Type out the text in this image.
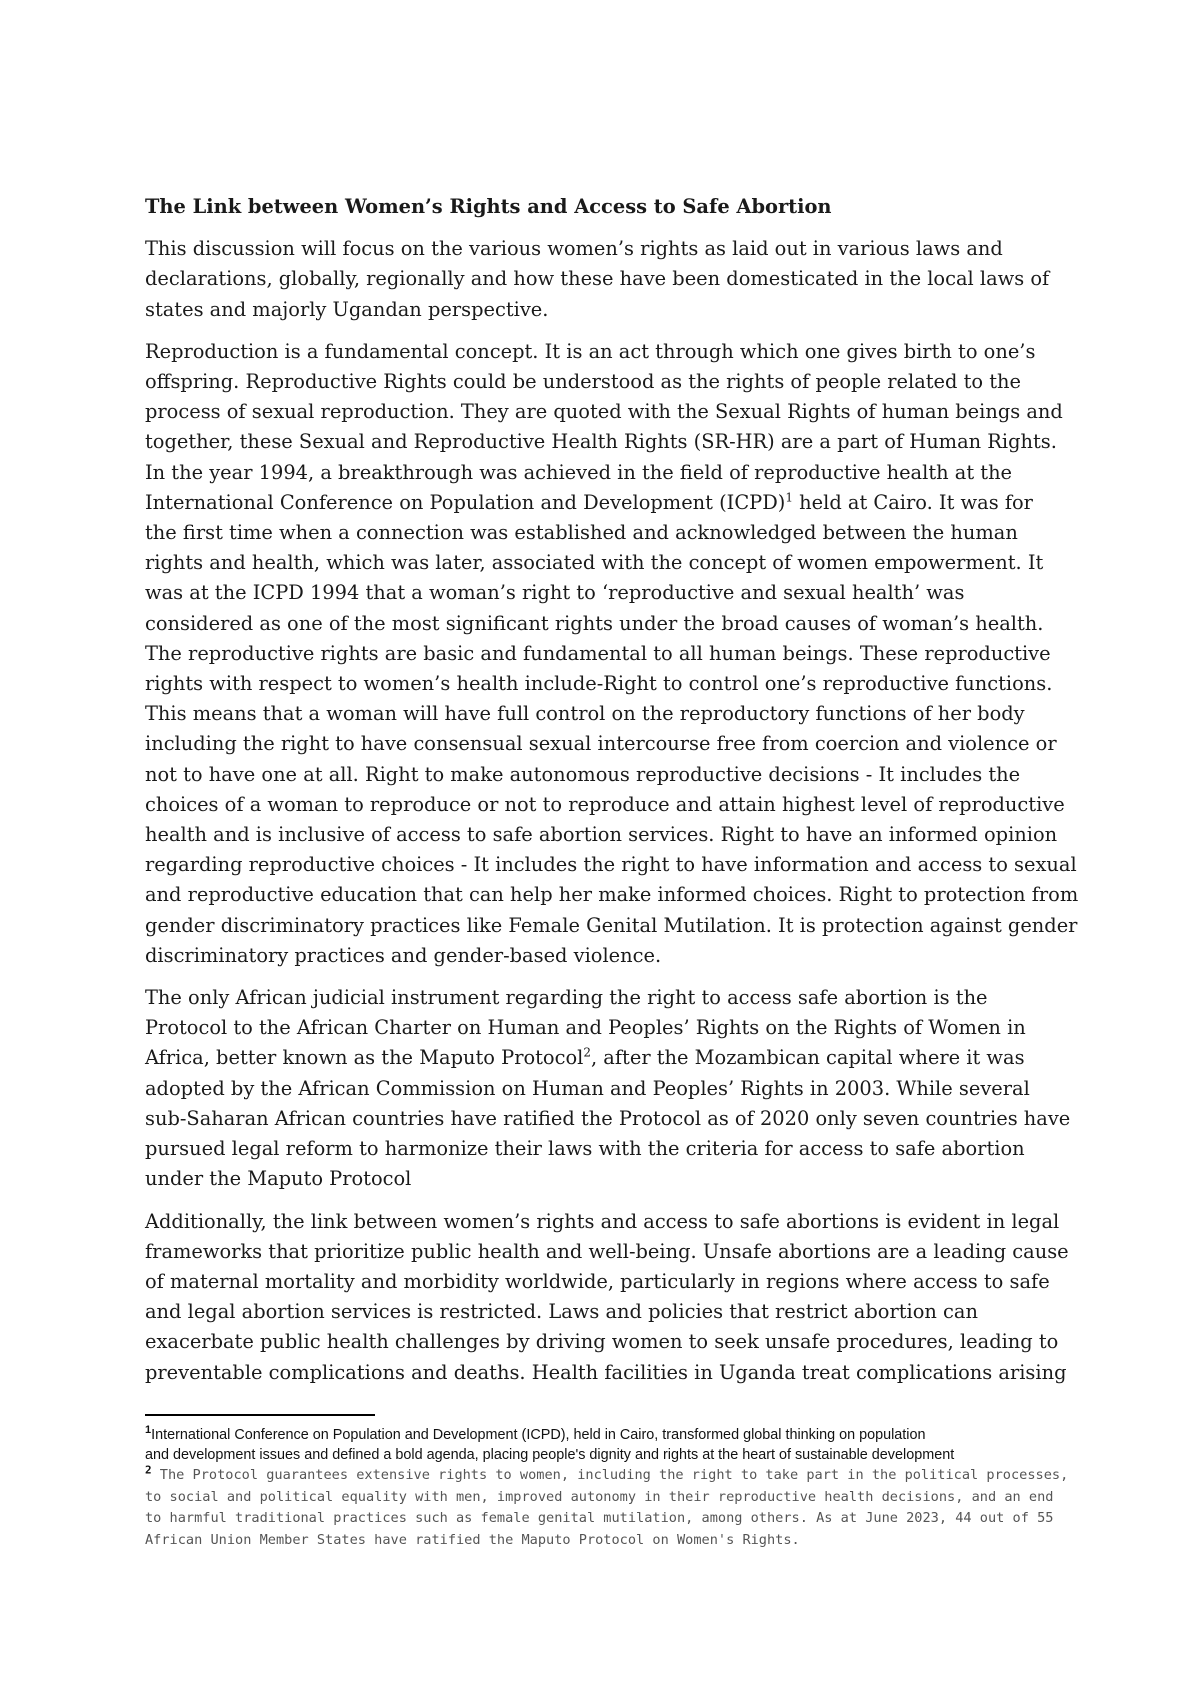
The Link between Women’s Rights and Access to Safe Abortion
This discussion will focus on the various women’s rights as laid out in various laws and
declarations, globally, regionally and how these have been domesticated in the local laws of
states and majorly Ugandan perspective.
Reproduction is a fundamental concept. It is an act through which one gives birth to one’s
offspring. Reproductive Rights could be understood as the rights of people related to the
process of sexual reproduction. They are quoted with the Sexual Rights of human beings and
together, these Sexual and Reproductive Health Rights (SR-HR) are a part of Human Rights.
In the year 1994, a breakthrough was achieved in the field of reproductive health at the
International Conference on Population and Development (ICPD)$^1$ held at Cairo. It was for
the first time when a connection was established and acknowledged between the human
rights and health, which was later, associated with the concept of women empowerment. It
was at the ICPD 1994 that a woman’s right to ‘reproductive and sexual health’ was
considered as one of the most significant rights under the broad causes of woman’s health.
The reproductive rights are basic and fundamental to all human beings. These reproductive
rights with respect to women’s health include-Right to control one’s reproductive functions.
This means that a woman will have full control on the reproductory functions of her body
including the right to have consensual sexual intercourse free from coercion and violence or
not to have one at all. Right to make autonomous reproductive decisions - It includes the
choices of a woman to reproduce or not to reproduce and attain highest level of reproductive
health and is inclusive of access to safe abortion services. Right to have an informed opinion
regarding reproductive choices - It includes the right to have information and access to sexual
and reproductive education that can help her make informed choices. Right to protection from
gender discriminatory practices like Female Genital Mutilation. It is protection against gender
discriminatory practices and gender-based violence.
The only African judicial instrument regarding the right to access safe abortion is the
Protocol to the African Charter on Human and Peoples’ Rights on the Rights of Women in
Africa, better known as the Maputo Protocol$^2$, after the Mozambican capital where it was
adopted by the African Commission on Human and Peoples’ Rights in 2003. While several
sub-Saharan African countries have ratified the Protocol as of 2020 only seven countries have
pursued legal reform to harmonize their laws with the criteria for access to safe abortion
under the Maputo Protocol
Additionally, the link between women’s rights and access to safe abortions is evident in legal
frameworks that prioritize public health and well-being. Unsafe abortions are a leading cause
of maternal mortality and morbidity worldwide, particularly in regions where access to safe
and legal abortion services is restricted. Laws and policies that restrict abortion can
exacerbate public health challenges by driving women to seek unsafe procedures, leading to
preventable complications and deaths. Health facilities in Uganda treat complications arising
$^1$International Conference on Population and Development (ICPD), held in Cairo, transformed global thinking on population
and development issues and defined a bold agenda, placing people's dignity and rights at the heart of sustainable development
$^2$ The Protocol guarantees extensive rights to women, including the right to take part in the political processes,
to social and political equality with men, improved autonomy in their reproductive health decisions, and an end
to harmful traditional practices such as female genital mutilation, among others. As at June 2023, 44 out of 55
African Union Member States have ratified the Maputo Protocol on Women's Rights.
